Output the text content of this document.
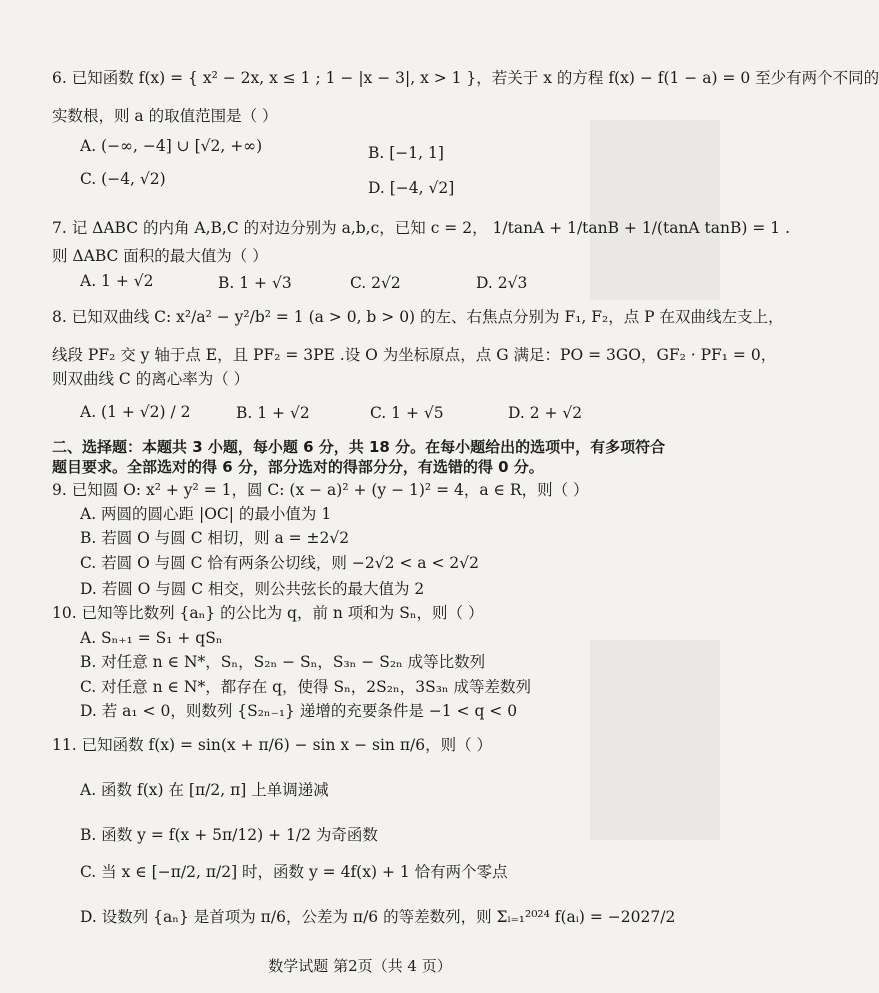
6. 已知函数 f(x) = { x² − 2x, x ≤ 1 ; 1 − |x − 3|, x > 1 }，若关于 x 的方程 f(x) − f(1 − a) = 0 至少有两个不同的
实数根，则 a 的取值范围是（ ）
A. (−∞, −4] ∪ [√2, +∞)	B. [−1, 1]
C. (−4, √2)	D. [−4, √2]
7. 记 ΔABC 的内角 A,B,C 的对边分别为 a,b,c，已知 c = 2， 1/tanA + 1/tanB + 1/(tanA tanB) = 1 .
则 ΔABC 面积的最大值为（ ）
A. 1 + √2	B. 1 + √3	C. 2√2	D. 2√3
8. 已知双曲线 C: x²/a² − y²/b² = 1 (a > 0, b > 0) 的左、右焦点分别为 F₁, F₂，点 P 在双曲线左支上，
线段 PF₂ 交 y 轴于点 E，且 PF₂ = 3PE .设 O 为坐标原点，点 G 满足：PO = 3GO，GF₂ · PF₁ = 0，
则双曲线 C 的离心率为（ ）
A. (1 + √2) / 2	B. 1 + √2	C. 1 + √5	D. 2 + √2
二、选择题：本题共 3 小题，每小题 6 分，共 18 分。在每小题给出的选项中，有多项符合
题目要求。全部选对的得 6 分，部分选对的得部分分，有选错的得 0 分。
9. 已知圆 O: x² + y² = 1，圆 C: (x − a)² + (y − 1)² = 4，a ∈ R，则（ ）
A. 两圆的圆心距 |OC| 的最小值为 1
B. 若圆 O 与圆 C 相切，则 a = ±2√2
C. 若圆 O 与圆 C 恰有两条公切线，则 −2√2 < a < 2√2
D. 若圆 O 与圆 C 相交，则公共弦长的最大值为 2
10. 已知等比数列 {aₙ} 的公比为 q，前 n 项和为 Sₙ，则（ ）
A. Sₙ₊₁ = S₁ + qSₙ
B. 对任意 n ∈ N*，Sₙ，S₂ₙ − Sₙ，S₃ₙ − S₂ₙ 成等比数列
C. 对任意 n ∈ N*，都存在 q，使得 Sₙ，2S₂ₙ，3S₃ₙ 成等差数列
D. 若 a₁ < 0，则数列 {S₂ₙ₋₁} 递增的充要条件是 −1 < q < 0
11. 已知函数 f(x) = sin(x + π/6) − sin x − sin π/6，则（ ）
A. 函数 f(x) 在 [π/2, π] 上单调递减
B. 函数 y = f(x + 5π/12) + 1/2 为奇函数
C. 当 x ∈ [−π/2, π/2] 时，函数 y = 4f(x) + 1 恰有两个零点
D. 设数列 {aₙ} 是首项为 π/6，公差为 π/6 的等差数列，则 Σᵢ₌₁²⁰²⁴ f(aᵢ) = −2027/2
数学试题 第2页（共 4 页）
